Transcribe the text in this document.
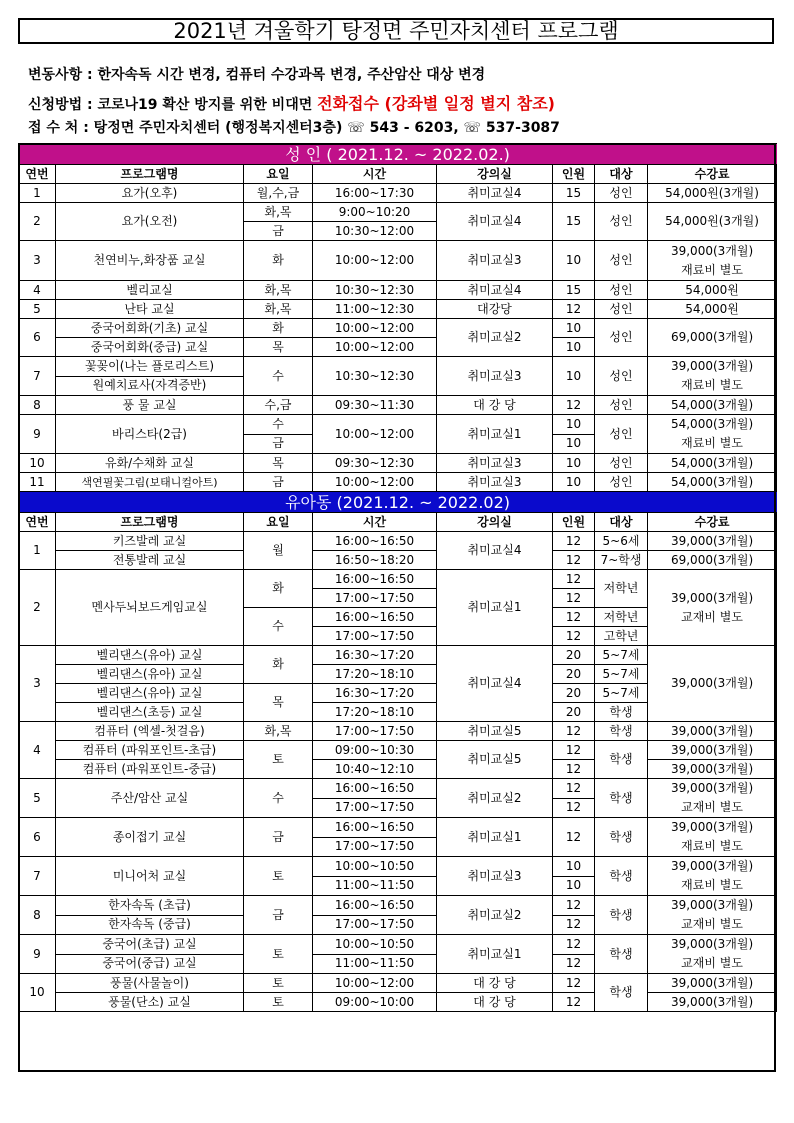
2021년 겨울학기 탕정면 주민자치센터 프로그램
변동사항 : 한자속독 시간 변경, 컴퓨터 수강과목 변경, 주산암산 대상 변경
신청방법 : 코로나19 확산 방지를 위한 비대면 전화접수 (강좌별 일정 별지 참조)
접 수 처 : 탕정면 주민자치센터 (행정복지센터3층) ☏ 543 - 6203, ☏ 537-3087
성 인 ( 2021.12. ~ 2022.02.)							
연번	프로그램명	요일	시간	강의실	인원	대상	수강료
1	요가(오후)	월,수,금	16:00~17:30	취미교실4	15	성인	54,000원(3개월)
2	요가(오전)	화,목	9:00~10:20	취미교실4	15	성인	54,000원(3개월)
		금	10:30~12:00				
3	천연비누,화장품 교실	화	10:00~12:00	취미교실3	10	성인	39,000(3개월)
재료비 별도

4	벨리교실	화,목	10:30~12:30	취미교실4	15	성인	54,000원
5	난타 교실	화,목	11:00~12:30	대강당	12	성인	54,000원
6	중국어회화(기초) 교실	화	10:00~12:00	취미교실2	10	성인	69,000(3개월)
	중국어회화(중급) 교실	목	10:00~12:00		10		
7	꽃꽂이(나는 플로리스트)	수	10:30~12:30	취미교실3	10	성인	39,000(3개월)
재료비 별도

	원예치료사(자격증반)						
8	풍 물 교실	수,금	09:30~11:30	대 강 당	12	성인	54,000(3개월)
9	바리스타(2급)	수	10:00~12:00	취미교실1	10	성인	54,000(3개월)
재료비 별도

		금			10		
10	유화/수채화 교실	목	09:30~12:30	취미교실3	10	성인	54,000(3개월)
11	색연필꽃그림(보태니컬아트)	금	10:00~12:00	취미교실3	10	성인	54,000(3개월)
유아동 (2021.12. ~ 2022.02)							
연번	프로그램명	요일	시간	강의실	인원	대상	수강료
1	키즈발레 교실	월	16:00~16:50	취미교실4	12	5~6세	39,000(3개월)
	전통발레 교실		16:50~18:20		12	7~학생	69,000(3개월)
2	멘사두뇌보드게임교실	화	16:00~16:50	취미교실1	12	저학년	39,000(3개월)
교재비 별도

			17:00~17:50		12		
		수	16:00~16:50		12	저학년	
			17:00~17:50		12	고학년	
3	벨리댄스(유아) 교실	화	16:30~17:20	취미교실4	20	5~7세	39,000(3개월)
	벨리댄스(유아) 교실		17:20~18:10		20	5~7세	
	벨리댄스(유아) 교실	목	16:30~17:20		20	5~7세	
	벨리댄스(초등) 교실		17:20~18:10		20	학생	
4	컴퓨터 (엑셀-첫걸음)	화,목	17:00~17:50	취미교실5	12	학생	39,000(3개월)
	컴퓨터 (파워포인트-초급)	토	09:00~10:30	취미교실5	12	학생	39,000(3개월)
	컴퓨터 (파워포인트-중급)		10:40~12:10		12		39,000(3개월)
5	주산/암산 교실	수	16:00~16:50	취미교실2	12	학생	39,000(3개월)
교재비 별도

			17:00~17:50		12		
6	종이접기 교실	금	16:00~16:50	취미교실1	12	학생	39,000(3개월)
재료비 별도

			17:00~17:50				
7	미니어처 교실	토	10:00~10:50	취미교실3	10	학생	39,000(3개월)
재료비 별도

			11:00~11:50		10		
8	한자속독 (초급)	금	16:00~16:50	취미교실2	12	학생	39,000(3개월)
교재비 별도

	한자속독 (중급)		17:00~17:50		12		
9	중국어(초급) 교실	토	10:00~10:50	취미교실1	12	학생	39,000(3개월)
교재비 별도

	중국어(중급) 교실		11:00~11:50		12		
10	풍물(사물놀이)	토	10:00~12:00	대 강 당	12	학생	39,000(3개월)
	풍물(단소) 교실	토	09:00~10:00	대 강 당	12		39,000(3개월)
